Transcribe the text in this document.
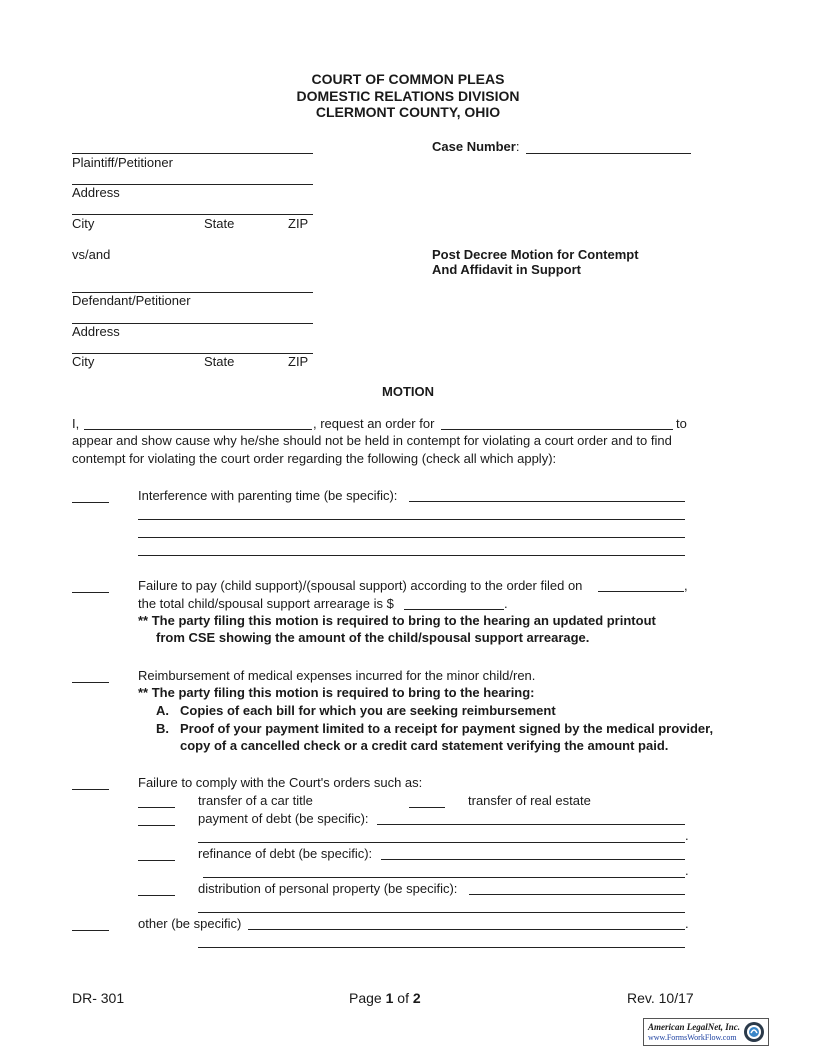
COURT OF COMMON PLEAS
DOMESTIC RELATIONS DIVISION
CLERMONT COUNTY, OHIO
Plaintiff/Petitioner
Address
City	State	ZIP
vs/and
Defendant/Petitioner
Address
City	State	ZIP
Case Number:
Post Decree Motion for Contempt
And Affidavit in Support
MOTION
I,	, request an order for	to
appear and show cause why he/she should not be held in contempt for violating a court order and to find
contempt for violating the court order regarding the following (check all which apply):
Interference with parenting time (be specific):
Failure to pay (child support)/(spousal support) according to the order filed on	,
the total child/spousal support arrearage is $	.
** The party filing this motion is required to bring to the hearing an updated printout
from CSE showing the amount of the child/spousal support arrearage.
Reimbursement of medical expenses incurred for the minor child/ren.
** The party filing this motion is required to bring to the hearing:
A. Copies of each bill for which you are seeking reimbursement
B. Proof of your payment limited to a receipt for payment signed by the medical provider,
copy of a cancelled check or a credit card statement verifying the amount paid.
Failure to comply with the Court's orders such as:
transfer of a car title	transfer of real estate
payment of debt (be specific):
.
refinance of debt (be specific):
.
distribution of personal property (be specific):
other (be specific)	.
DR- 301	Page 1 of 2	Rev. 10/17
American LegalNet, Inc.
www.FormsWorkFlow.com
